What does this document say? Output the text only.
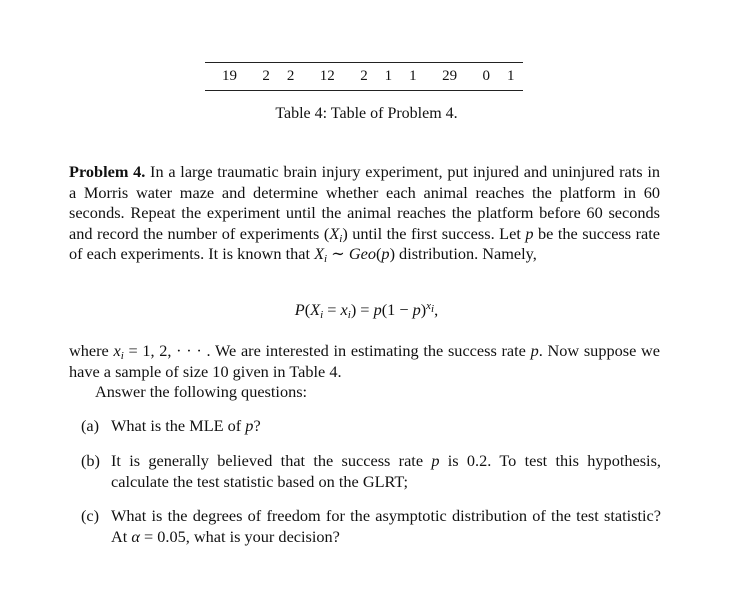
19	2	2	12	2	1	1	29	0	1
Table 4: Table of Problem 4.
Problem 4. In a large traumatic brain injury experiment, put injured and uninjured rats in a Morris water maze and determine whether each animal reaches the platform in 60 seconds. Repeat the experiment until the animal reaches the platform before 60 seconds and record the number of experiments $(X_i)$ until the first success. Let p be the success rate of each experiments. It is known that $X_i$ ∼ Geo(p) distribution. Namely,
$P(X_i = x_i) = p(1 - p)^{x_i}$,
where $x_i = 1$, 2, · · · . We are interested in estimating the success rate p. Now suppose we have a sample of size 10 given in Table 4.
Answer the following questions:
(a) What is the MLE of p?
(b) It is generally believed that the success rate p is 0.2. To test this hypothesis, calculate the test statistic based on the GLRT;
(c) What is the degrees of freedom for the asymptotic distribution of the test statistic? At α = 0.05, what is your decision?
